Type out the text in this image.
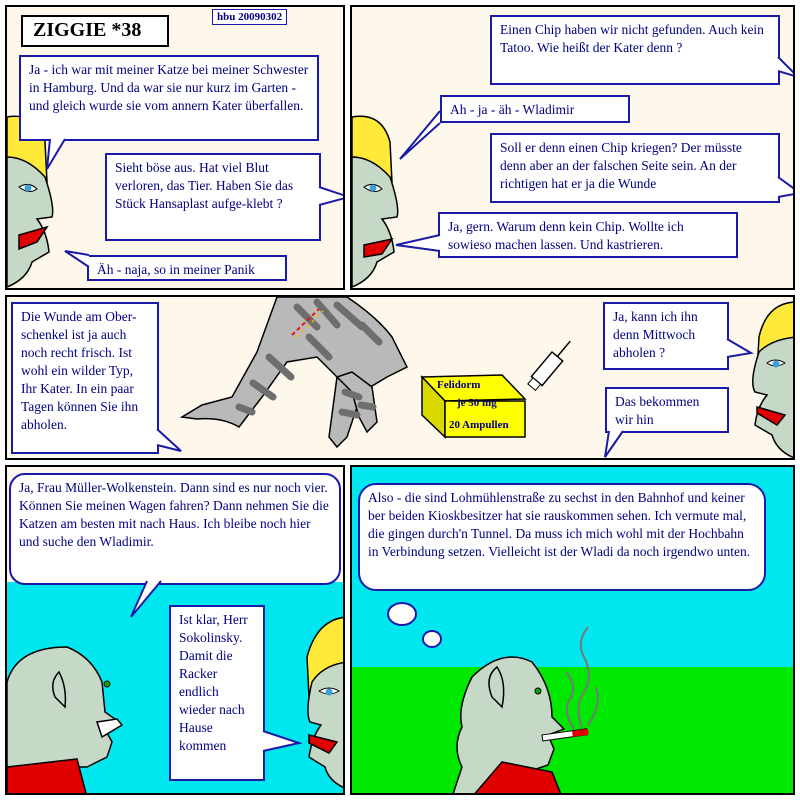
ZIGGIE *38
hbu 20090302
Ja - ich war mit meiner Katze bei meiner Schwester in Hamburg. Und da war sie nur kurz im Garten - und gleich wurde sie vom annern Kater überfallen.
Sieht böse aus. Hat viel Blut verloren, das Tier. Haben Sie das Stück Hansaplast aufge-klebt ?
Äh - naja, so in meiner Panik
Einen Chip haben wir nicht gefunden. Auch kein Tatoo. Wie heißt der Kater denn ?
Ah - ja - äh - Wladimir
Soll er denn einen Chip kriegen? Der müsste denn aber an der falschen Seite sein. An der richtigen hat er ja die Wunde
Ja, gern. Warum denn kein Chip. Wollte ich sowieso machen lassen. Und kastrieren.
Felidorm
je 50 mg
20 Ampullen
Die Wunde am Ober-schenkel ist ja auch noch recht frisch. Ist wohl ein wilder Typ, Ihr Kater. In ein paar Tagen können Sie ihn abholen.
Ja, kann ich ihn denn Mittwoch abholen ?
Das bekommen wir hin
Ja, Frau Müller-Wolkenstein. Dann sind es nur noch vier. Können Sie meinen Wagen fahren? Dann nehmen Sie die Katzen am besten mit nach Haus. Ich bleibe noch hier und suche den Wladimir.
Ist klar, Herr Sokolinsky. Damit die Racker endlich wieder nach Hause kommen
Also - die sind Lohmühlenstraße zu sechst in den Bahnhof und keiner ber beiden Kioskbesitzer hat sie rauskommen sehen. Ich vermute mal, die gingen durch'n Tunnel. Da muss ich mich wohl mit der Hochbahn in Verbindung setzen. Vielleicht ist der Wladi da noch irgendwo unten.
